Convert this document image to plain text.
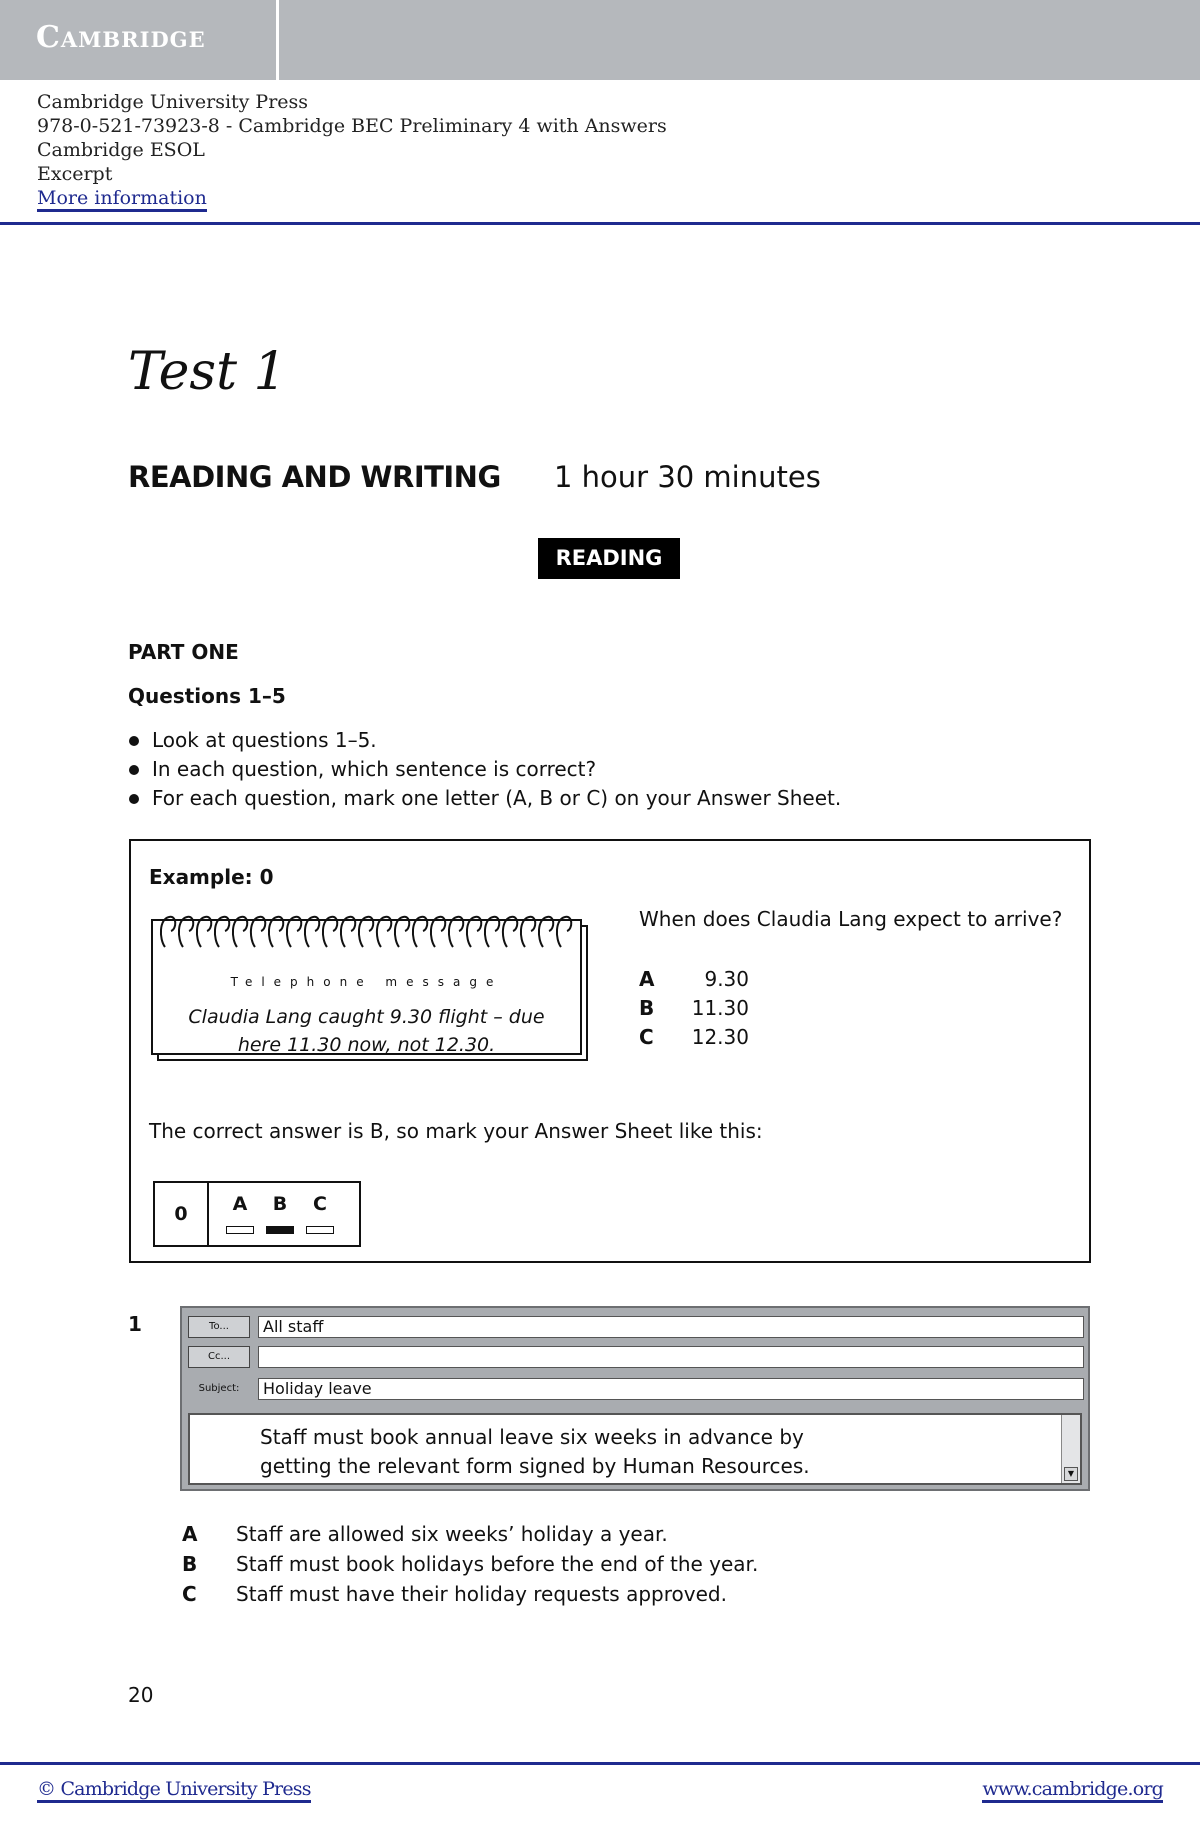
Cambridge
Cambridge University Press
978-0-521-73923-8 - Cambridge BEC Preliminary 4 with Answers
Cambridge ESOL
Excerpt
More information
Test 1
READING AND WRITING 1 hour 30 minutes
READING
PART ONE
Questions 1–5
Look at questions 1–5.
In each question, which sentence is correct?
For each question, mark one letter (A, B or C) on your Answer Sheet.
Example: 0
Telephone message
Claudia Lang caught 9.30 flight – due
here 11.30 now, not 12.30.
When does Claudia Lang expect to arrive?
A 9.30
B 11.30
C 12.30
The correct answer is B, so mark your Answer Sheet like this:
0	A	B	C
1	To...	All staff
Cc...
Subject:	Holiday leave
Staff must book annual leave six weeks in advance by
getting the relevant form signed by Human Resources.	▼
A Staff are allowed six weeks’ holiday a year.
B Staff must book holidays before the end of the year.
C Staff must have their holiday requests approved.
20
© Cambridge University Press	www.cambridge.org
